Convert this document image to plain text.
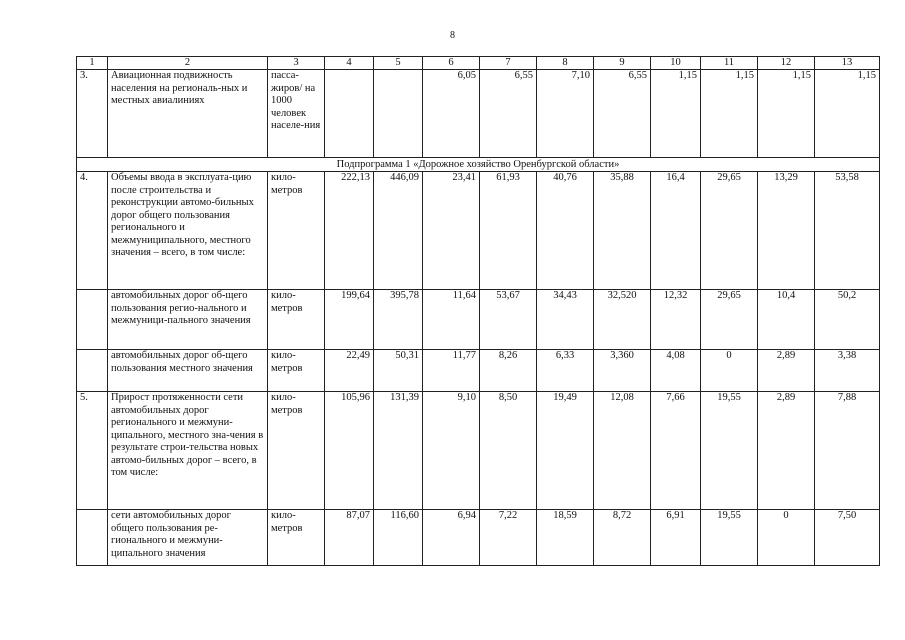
8
1	2	3	4	5	6	7	8	9	10	11	12	13
3.	Авиационная подвижность населения на региональ-ных и местных авиалиниях	пасса-жиров/ на 1000 человек населе-ния			6,05	6,55	7,10	6,55	1,15	1,15	1,15	1,15
Подпрограмма 1 «Дорожное хозяйство Оренбургской области»												
4.	Объемы ввода в эксплуата-цию после строительства и реконструкции автомо-бильных дорог общего пользования регионального и межмуниципального, местного значения – всего, в том числе:	кило-метров	222,13	446,09	23,41	61,93	40,76	35,88	16,4	29,65	13,29	53,58
	автомобильных дорог об-щего пользования регио-нального и межмуници-пального значения	кило-метров	199,64	395,78	11,64	53,67	34,43	32,520	12,32	29,65	10,4	50,2
	автомобильных дорог об-щего пользования местного значения	кило-метров	22,49	50,31	11,77	8,26	6,33	3,360	4,08	0	2,89	3,38
5.	Прирост протяженности сети автомобильных дорог регионального и межмуни-ципального, местного зна-чения в результате строи-тельства новых автомо-бильных дорог – всего, в том числе:	кило-метров	105,96	131,39	9,10	8,50	19,49	12,08	7,66	19,55	2,89	7,88
	сети автомобильных дорог общего пользования ре-гионального и межмуни-ципального значения	кило-метров	87,07	116,60	6,94	7,22	18,59	8,72	6,91	19,55	0	7,50
